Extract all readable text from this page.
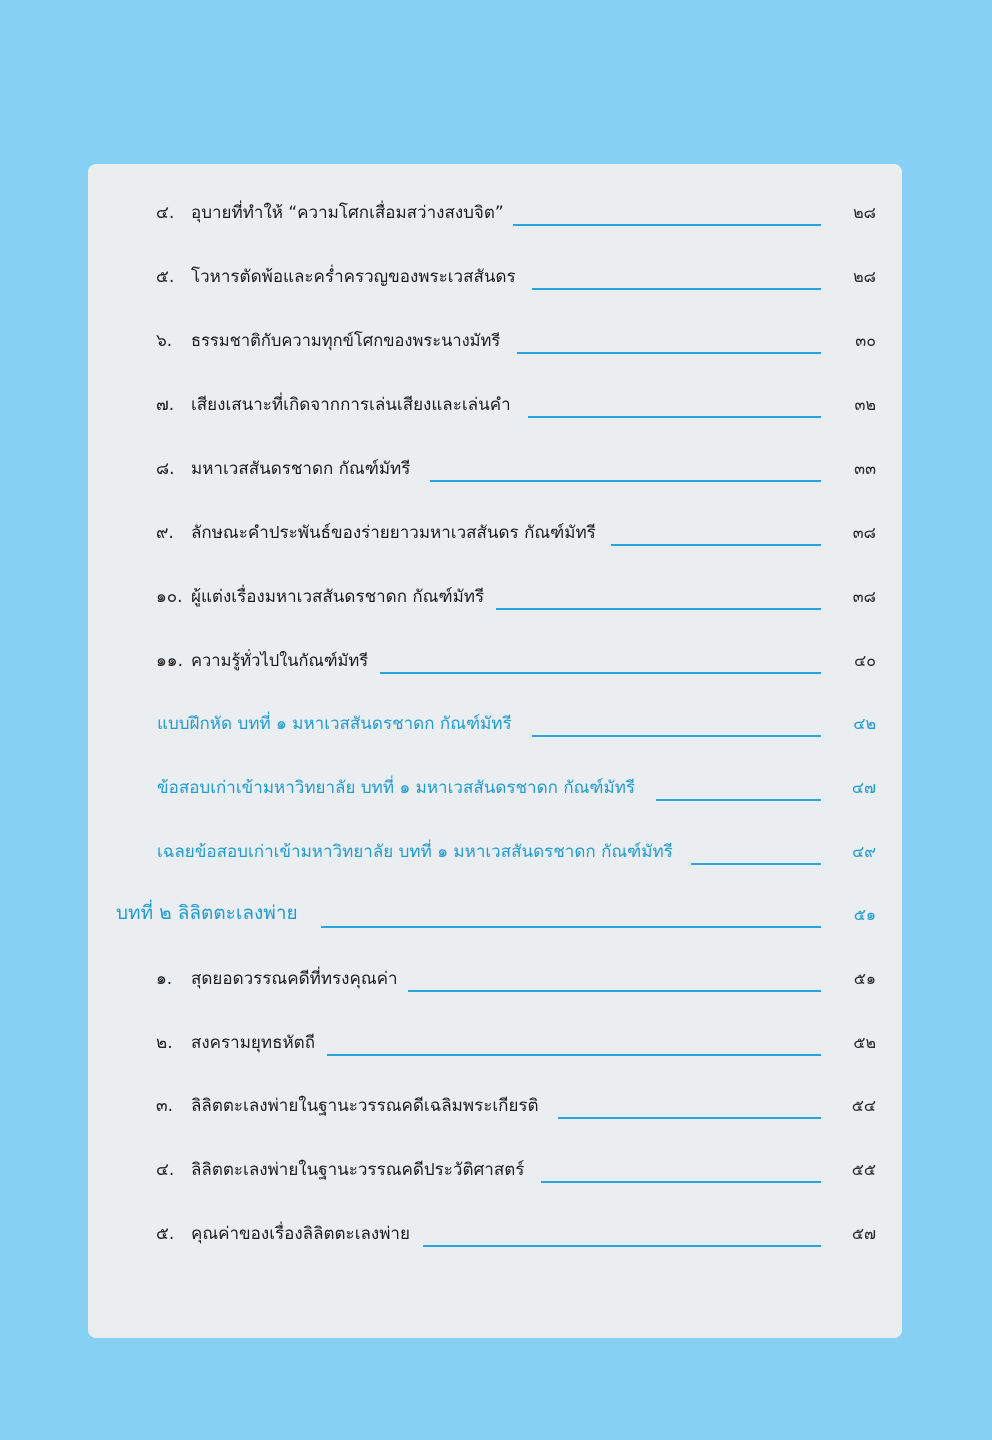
๔. อุบายที่ทำให้ “ความโศกเสื่อมสว่างสงบจิต”	๒๘
๕. โวหารตัดพ้อและคร่ำครวญของพระเวสสันดร	๒๘
๖. ธรรมชาติกับความทุกข์โศกของพระนางมัทรี	๓๐
๗. เสียงเสนาะที่เกิดจากการเล่นเสียงและเล่นคำ	๓๒
๘. มหาเวสสันดรชาดก กัณฑ์มัทรี	๓๓
๙. ลักษณะคำประพันธ์ของร่ายยาวมหาเวสสันดร กัณฑ์มัทรี	๓๘
๑๐. ผู้แต่งเรื่องมหาเวสสันดรชาดก กัณฑ์มัทรี	๓๘
๑๑. ความรู้ทั่วไปในกัณฑ์มัทรี	๔๐
แบบฝึกหัด บทที่ ๑ มหาเวสสันดรชาดก กัณฑ์มัทรี	๔๒
ข้อสอบเก่าเข้ามหาวิทยาลัย บทที่ ๑ มหาเวสสันดรชาดก กัณฑ์มัทรี	๔๗
เฉลยข้อสอบเก่าเข้ามหาวิทยาลัย บทที่ ๑ มหาเวสสันดรชาดก กัณฑ์มัทรี	๔๙
บทที่ ๒ ลิลิตตะเลงพ่าย	๕๑
๑. สุดยอดวรรณคดีที่ทรงคุณค่า	๕๑
๒. สงครามยุทธหัตถี	๕๒
๓. ลิลิตตะเลงพ่ายในฐานะวรรณคดีเฉลิมพระเกียรติ	๕๔
๔. ลิลิตตะเลงพ่ายในฐานะวรรณคดีประวัติศาสตร์	๕๕
๕. คุณค่าของเรื่องลิลิตตะเลงพ่าย	๕๗
